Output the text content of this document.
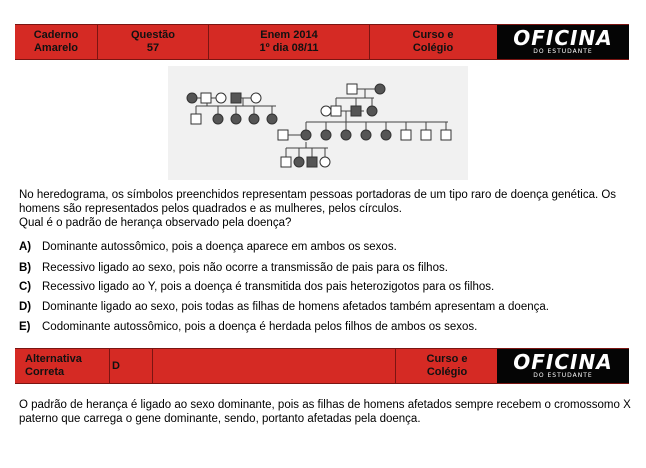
Caderno
Amarelo
Questão
57
Enem 2014
1º dia 08/11
Curso e
Colégio	OFICINA
DO ESTUDANTE

No heredograma, os símbolos preenchidos representam pessoas portadoras de um tipo raro de doença genética. Os homens são representados pelos quadrados e as mulheres, pelos círculos.

Qual é o padrão de herança observado pela doença?

A) Dominante autossômico, pois a doença aparece em ambos os sexos.
B) Recessivo ligado ao sexo, pois não ocorre a transmissão de pais para os filhos.
C) Recessivo ligado ao Y, pois a doença é transmitida dos pais heterozigotos para os filhos.
D) Dominante ligado ao sexo, pois todas as filhas de homens afetados também apresentam a doença.
E)	Codominante autossômico, pois a doença é herdada pelos filhos de ambos os sexos.
Alternativa
Correta
D
Curso e
Colégio OFICINA
DO ESTUDANTE
O padrão de herança é ligado ao sexo dominante, pois as filhas de homens afetados sempre recebem o cromossomo X paterno que carrega o gene dominante, sendo, portanto afetadas pela doença.
